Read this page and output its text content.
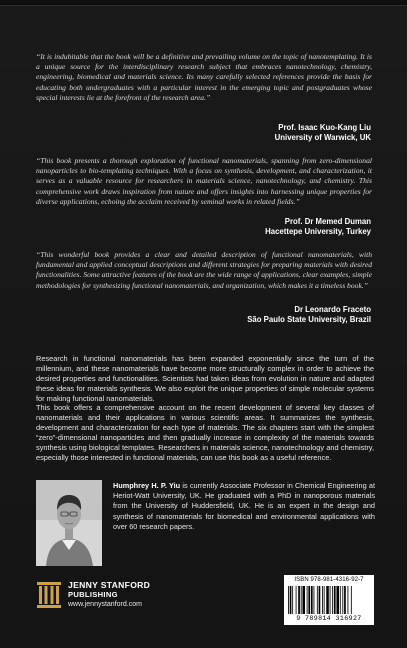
“It is indubitable that the book will be a definitive and prevailing volume on the topic of nanotemplating. It is a unique source for the interdisciplinary research subject that embraces nanotechnology, chemistry, engineering, biomedical and materials science. Its many carefully selected references provide the basis for educating both undergraduates with a particular interest in the emerging topic and postgraduates whose special interests lie at the forefront of the research area.”

Prof. Isaac Kuo-Kang Liu
University of Warwick, UK

“This book presents a thorough exploration of functional nanomaterials, spanning from zero-dimensional nanoparticles to bio-templating techniques. With a focus on synthesis, development, and characterization, it serves as a valuable resource for researchers in materials science, nanotechnology, and chemistry. This comprehensive work draws inspiration from nature and offers insights into harnessing unique properties for diverse applications, echoing the acclaim received by seminal works in related fields.”

Prof. Dr Memed Duman
Hacettepe University, Turkey

“This wonderful book provides a clear and detailed description of functional nanomaterials, with fundamental and applied conceptual descriptions and different strategies for preparing materials with desired functionalities. Some attractive features of the book are the wide range of applications, clear examples, simple methodologies for synthesizing functional nanomaterials, and organization, which makes it a timeless book.”

Dr Leonardo Fraceto
São Paulo State University, Brazil

Research in functional nanomaterials has been expanded exponentially since the turn of the millennium, and these nanomaterials have become more structurally complex in order to achieve the desired properties and functionalities. Scientists had taken ideas from evolution in nature and adapted these ideas for materials synthesis. We also exploit the unique properties of simple molecular systems for making functional nanomaterials.

This book offers a comprehensive account on the recent development of several key classes of nanomaterials and their applications in various scientific areas. It summarizes the synthesis, development and characterization for each type of materials. The six chapters start with the simplest “zero”-dimensional nanoparticles and then gradually increase in complexity of the materials towards synthesis using biological templates. Researchers in materials science, nanotechnology and chemistry, especially those interested in functional materials, can use this book as a useful reference.

Humphrey H. P. Yiu is currently Associate Professor in Chemical Engineering at Heriot-Watt University, UK. He graduated with a PhD in nanoporous materials from the University of Huddersfield, UK. He is an expert in the design and synthesis of nanomaterials for biomedical and environmental applications with over 60 research papers.

JENNY STANFORD
PUBLISHING
www.jennystanford.com
ISBN 978-981-4316-92-7
9 789814 316927
